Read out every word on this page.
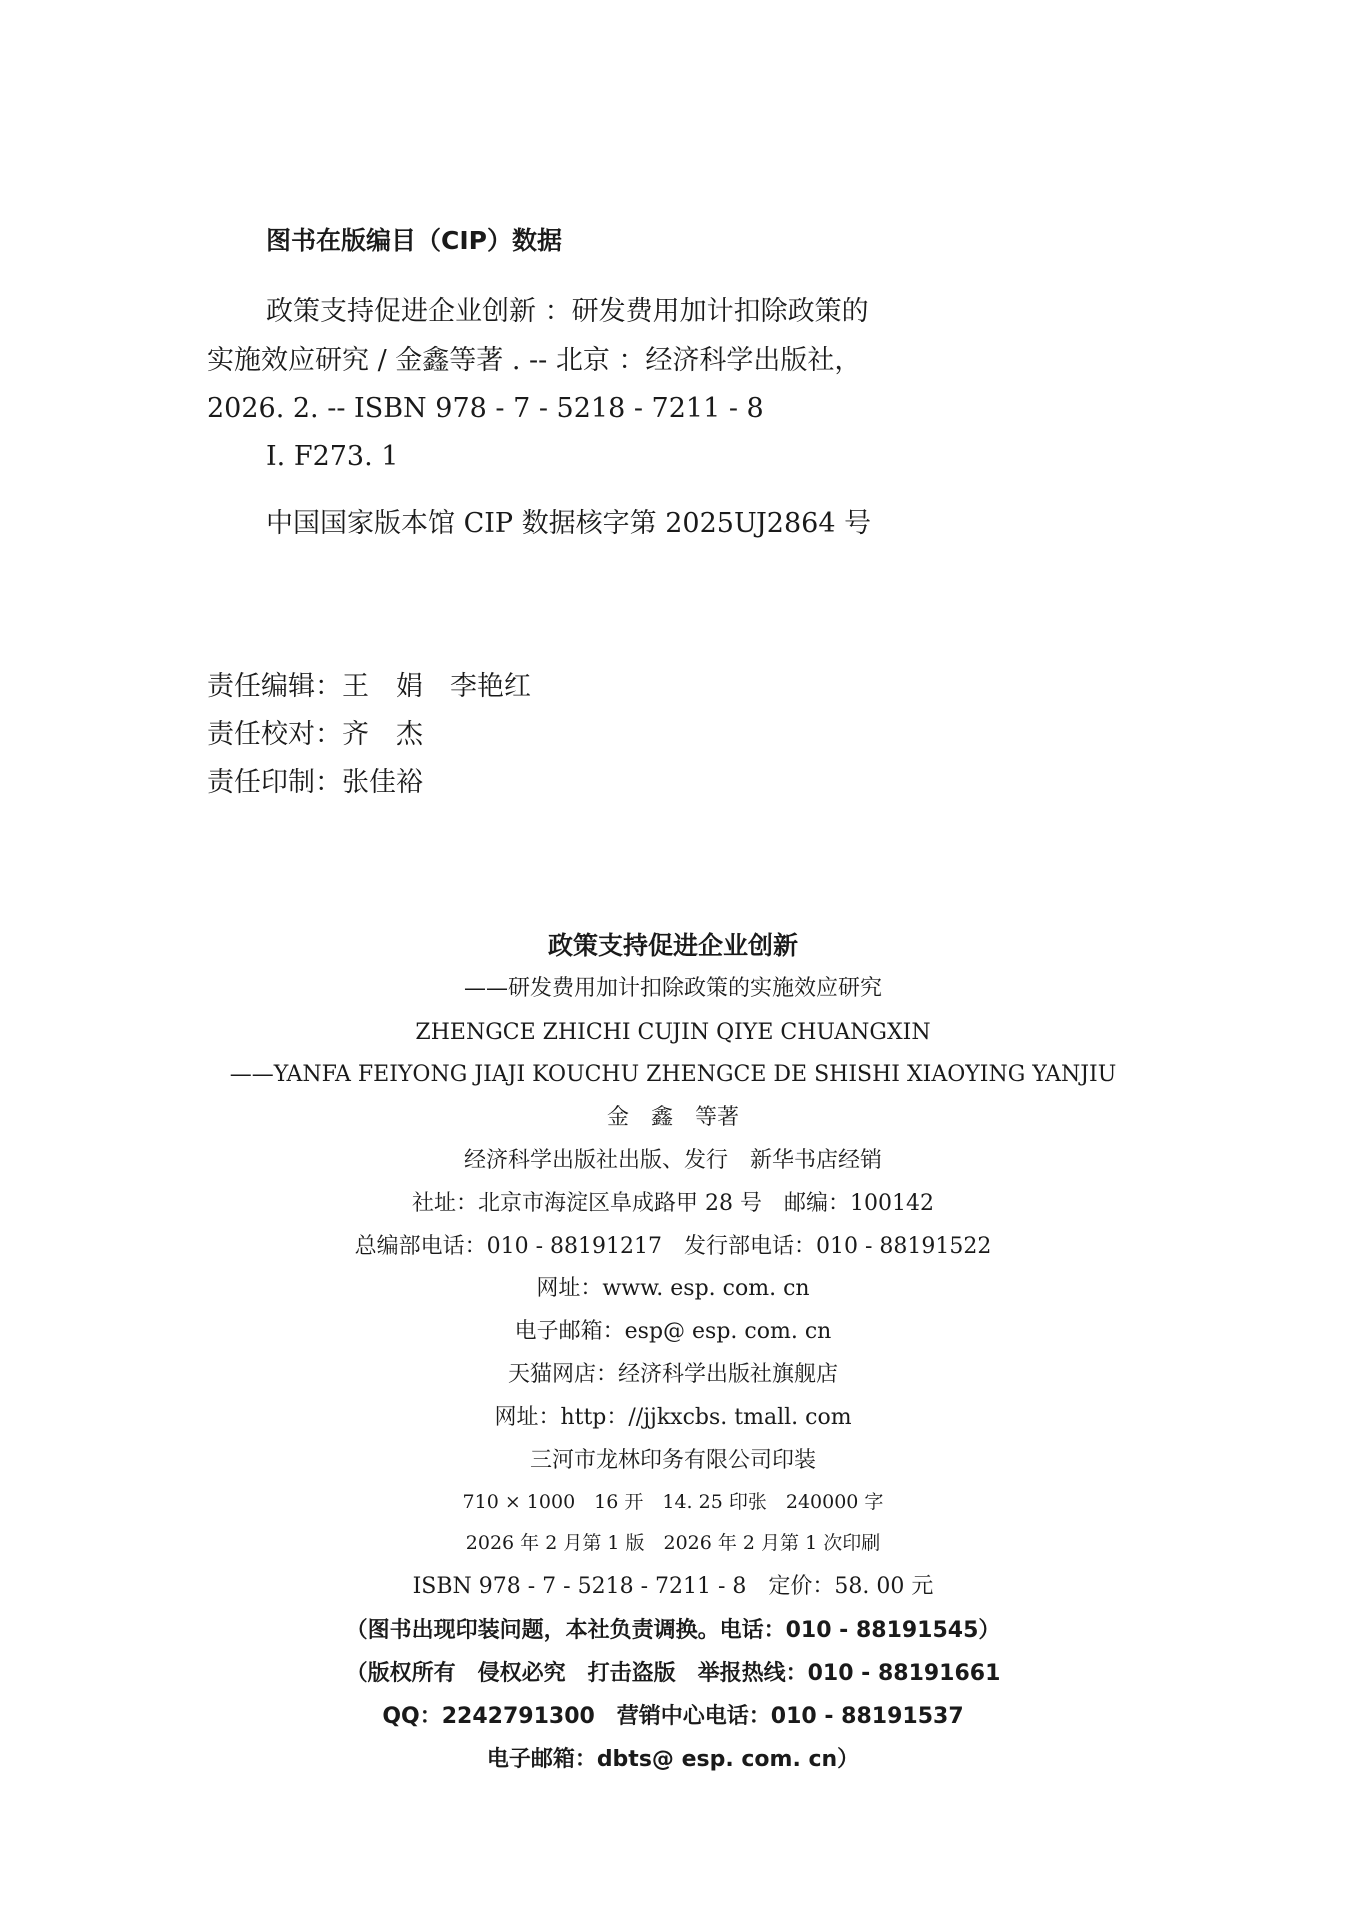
图书在版编目（CIP）数据
政策支持促进企业创新 ：研发费用加计扣除政策的
实施效应研究 / 金鑫等著 . -- 北京 ：经济科学出版社，
2026. 2. -- ISBN 978 - 7 - 5218 - 7211 - 8
Ⅰ. F273. 1
中国国家版本馆 CIP 数据核字第 2025UJ2864 号
责任编辑：王　娟　李艳红
责任校对：齐　杰
责任印制：张佳裕
政策支持促进企业创新
——研发费用加计扣除政策的实施效应研究
ZHENGCE ZHICHI CUJIN QIYE CHUANGXIN
——YANFA FEIYONG JIAJI KOUCHU ZHENGCE DE SHISHI XIAOYING YANJIU
金　鑫　等著
经济科学出版社出版、发行　新华书店经销
社址：北京市海淀区阜成路甲 28 号　邮编：100142
总编部电话：010 - 88191217　发行部电话：010 - 88191522
网址：www. esp. com. cn
电子邮箱：esp@ esp. com. cn
天猫网店：经济科学出版社旗舰店
网址：http：//jjkxcbs. tmall. com
三河市龙林印务有限公司印装
710 × 1000　16 开　14. 25 印张　240000 字
2026 年 2 月第 1 版　2026 年 2 月第 1 次印刷
ISBN 978 - 7 - 5218 - 7211 - 8　定价：58. 00 元
（图书出现印装问题，本社负责调换。电话：010 - 88191545）
（版权所有　侵权必究　打击盗版　举报热线：010 - 88191661
QQ：2242791300　营销中心电话：010 - 88191537
电子邮箱：dbts@ esp. com. cn）
